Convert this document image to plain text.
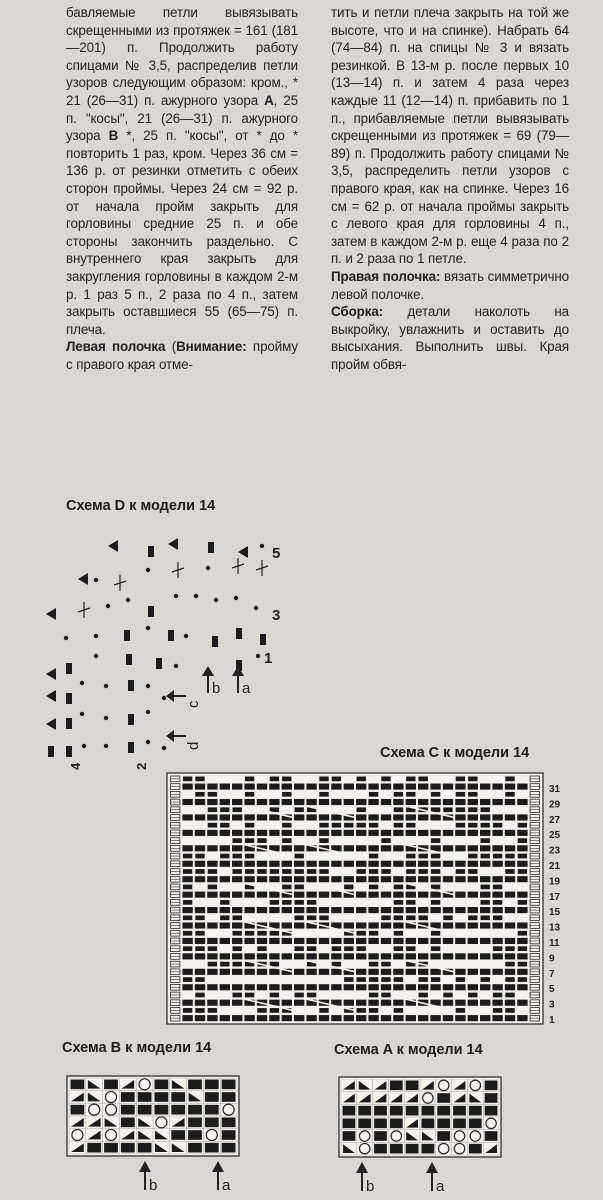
бавляемые петли вывязывать скрещенными из протяжек = 161 (181—201) п. Продолжить работу спицами № 3,5, распределив петли узоров следующим образом: кром., * 21 (26—31) п. ажурного узора A, 25 п. "косы", 21 (26—31) п. ажурного узора B *, 25 п. "косы", от * до * повторить 1 раз, кром. Через 36 см = 136 р. от резинки отметить с обеих сторон проймы. Через 24 см = 92 р. от начала пройм закрыть для горловины средние 25 п. и обе стороны закончить раздельно. С внутреннего края закрыть для закругления горловины в каждом 2-м р. 1 раз 5 п., 2 раза по 4 п., затем закрыть оставшиеся 55 (65—75) п. плеча.

Левая полочка (Внимание: пройму с правого края отме-

тить и петли плеча закрыть на той же высоте, что и на спинке). Набрать 64 (74—84) п. на спицы № 3 и вязать резинкой. В 13-м р. после первых 10 (13—14) п. и затем 4 раза через каждые 11 (12—14) п. прибавить по 1 п., прибавляемые петли вывязывать скрещенными из протяжек = 69 (79—89) п. Продолжить работу спицами № 3,5, распределить петли узоров с правого края, как на спинке. Через 16 см = 62 р. от начала проймы закрыть с левого края для горловины 4 п., затем в каждом 2-м р. еще 4 раза по 2 п. и 2 раза по 1 петле.

Правая полочка: вязать симметрично левой полочке.

Сборка: детали наколоть на выкройку, увлажнить и оставить до высыхания. Выполнить швы. Края пройм обвя-

Схема D к модели 14
5
3
1
4	2
b a
c
d	Схема C к модели 14
31
29
27
25
23
21
19
17
15
13
11
9
7
5
3
1
Схема B к модели 14
b	a
Схема A к модели 14
b	a
